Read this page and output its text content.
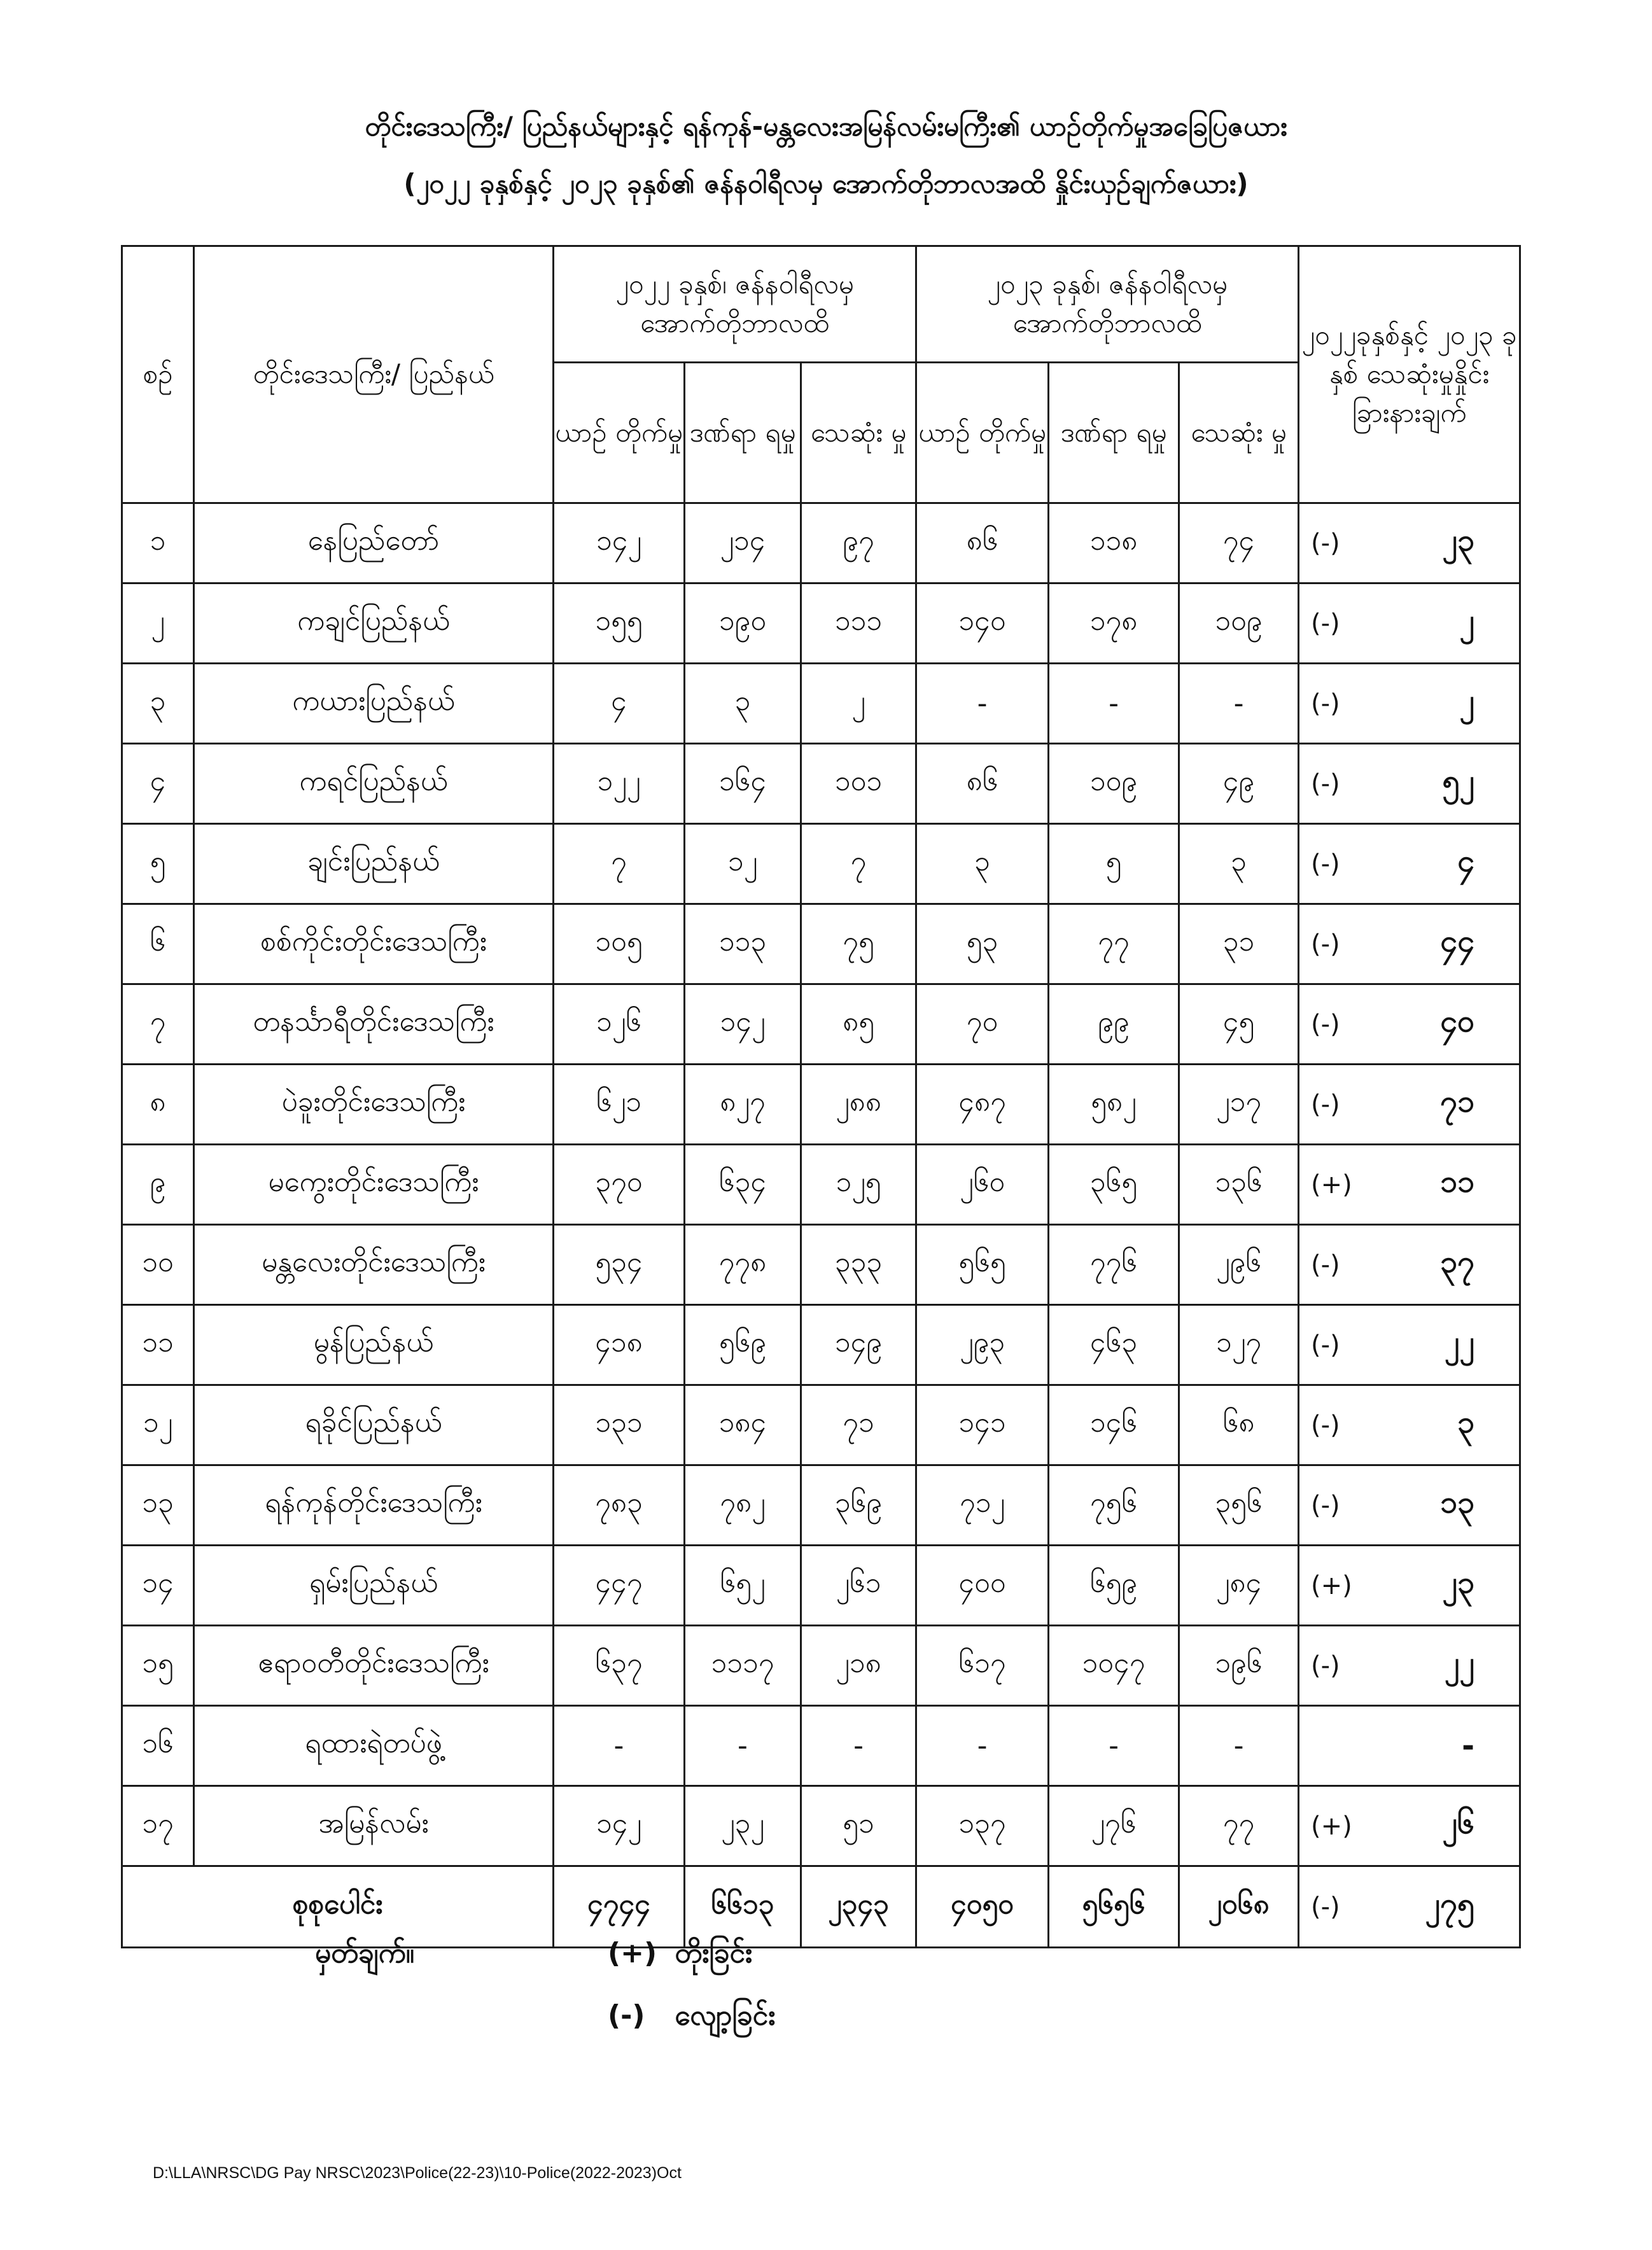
တိုင်းဒေသကြီး/ ပြည်နယ်များနှင့် ရန်ကုန်-မန္တလေးအမြန်လမ်းမကြီး၏ ယာဉ်တိုက်မှုအခြေပြဇယား
(၂၀၂၂ ခုနှစ်နှင့် ၂၀၂၃ ခုနှစ်၏ ဇန်နဝါရီလမှ အောက်တိုဘာလအထိ နှိုင်းယှဉ်ချက်ဇယား)
စဉ်	တိုင်းဒေသကြီး/ ပြည်နယ်	၂၀၂၂ ခုနှစ်၊ ဇန်နဝါရီလမှ အောက်တိုဘာလထိ			၂၀၂၃ ခုနှစ်၊ ဇန်နဝါရီလမှ အောက်တိုဘာလထိ			၂၀၂၂ခုနှစ်နှင့် ၂၀၂၃ ခုနှစ် သေဆုံးမှုနှိုင်း ခြားနားချက်
		ယာဉ် တိုက်မှု	ဒဏ်ရာ ရမှု	သေဆုံး မှု	ယာဉ် တိုက်မှု	ဒဏ်ရာ ရမှု	သေဆုံး မှု	
၁	နေပြည်တော်	၁၄၂	၂၁၄	၉၇	၈၆	၁၁၈	၇၄	(-) ၂၃

၂	ကချင်ပြည်နယ်	၁၅၅	၁၉၀	၁၁၁	၁၄၀	၁၇၈	၁၀၉	(-) ၂

၃	ကယားပြည်နယ်	၄	၃	၂	-	-	-	(-) ၂

၄	ကရင်ပြည်နယ်	၁၂၂	၁၆၄	၁၀၁	၈၆	၁၀၉	၄၉	(-) ၅၂

၅	ချင်းပြည်နယ်	၇	၁၂	၇	၃	၅	၃	(-) ၄

၆	စစ်ကိုင်းတိုင်းဒေသကြီး	၁၀၅	၁၁၃	၇၅	၅၃	၇၇	၃၁	(-) ၄၄

၇	တနင်္သာရီတိုင်းဒေသကြီး	၁၂၆	၁၄၂	၈၅	၇၀	၉၉	၄၅	(-) ၄၀

၈	ပဲခူးတိုင်းဒေသကြီး	၆၂၁	၈၂၇	၂၈၈	၄၈၇	၅၈၂	၂၁၇	(-) ၇၁

၉	မကွေးတိုင်းဒေသကြီး	၃၇၀	၆၃၄	၁၂၅	၂၆၀	၃၆၅	၁၃၆	(+) ၁၁

၁၀	မန္တလေးတိုင်းဒေသကြီး	၅၃၄	၇၇၈	၃၃၃	၅၆၅	၇၇၆	၂၉၆	(-) ၃၇

၁၁	မွန်ပြည်နယ်	၄၁၈	၅၆၉	၁၄၉	၂၉၃	၄၆၃	၁၂၇	(-) ၂၂

၁၂	ရခိုင်ပြည်နယ်	၁၃၁	၁၈၄	၇၁	၁၄၁	၁၄၆	၆၈	(-) ၃

၁၃	ရန်ကုန်တိုင်းဒေသကြီး	၇၈၃	၇၈၂	၃၆၉	၇၁၂	၇၅၆	၃၅၆	(-) ၁၃

၁၄	ရှမ်းပြည်နယ်	၄၄၇	၆၅၂	၂၆၁	၄၀၀	၆၅၉	၂၈၄	(+) ၂၃

၁၅	ဧရာဝတီတိုင်းဒေသကြီး	၆၃၇	၁၁၁၇	၂၁၈	၆၁၇	၁၀၄၇	၁၉၆	(-) ၂၂

၁၆	ရထားရဲတပ်ဖွဲ့	-	-	-	-	-	-	-

၁၇	အမြန်လမ်း	၁၄၂	၂၃၂	၅၁	၁၃၇	၂၇၆	၇၇	(+) ၂၆

စုစုပေါင်း		၄၇၄၄	၆၆၁၃	၂၃၄၃	၄၀၅၀	၅၆၅၆	၂၀၆၈	(-) ၂၇၅
မှတ်ချက်။	(+) တိုးခြင်း
(-) လျော့ခြင်း
D:\LLA\NRSC\DG Pay NRSC\2023\Police(22-23)\10-Police(2022-2023)Oct
